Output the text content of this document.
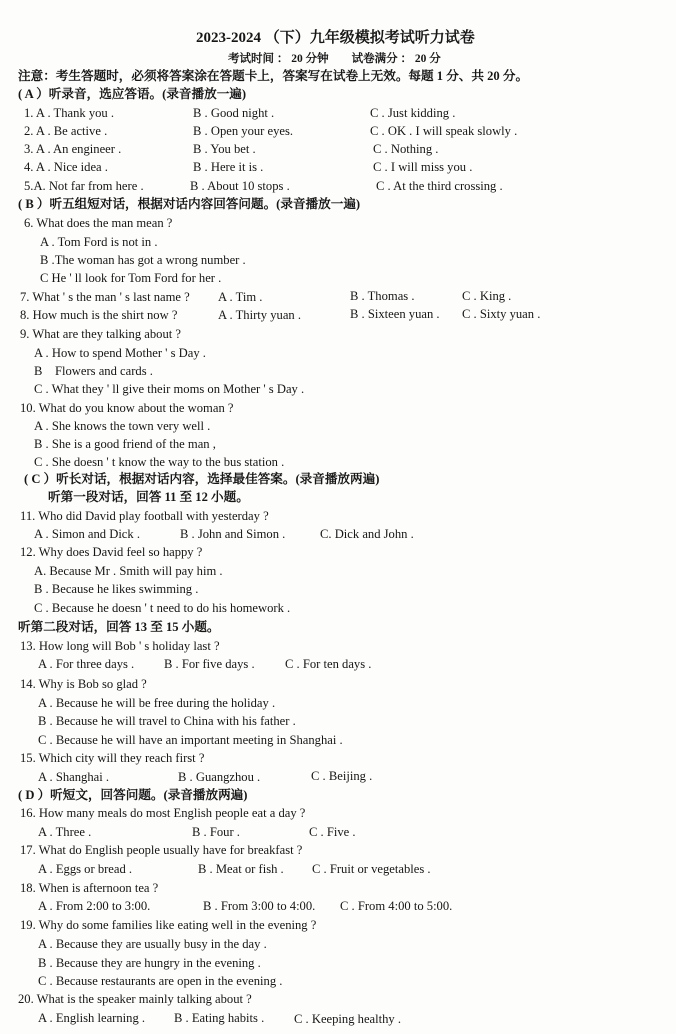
2023-2024 （下）九年级模拟考试听力试卷
考试时间 ： 20 分钟　　试卷满分 ： 20 分
注意：考生答题时，必须将答案涂在答题卡上，答案写在试卷上无效。每题 1 分、共 20 分。
( A ）听录音，选应答语。(录音播放一遍)
1. A . Thank you .	B . Good night .	C . Just kidding .
2. A . Be active .	B . Open your eyes.	C . OK . I will speak slowly .
3. A . An engineer .	B . You bet .	C . Nothing .
4. A . Nice idea .	B . Here it is .	C . I will miss you .
5.A. Not far from here .	B . About 10 stops .	C . At the third crossing .
( B ）听五组短对话，根据对话内容回答问题。(录音播放一遍)
6. What does the man mean ?
A . Tom Ford is not in .
B .The woman has got a wrong number .
C He ' ll look for Tom Ford for her .
7. What ' s the man ' s last name ? A . Tim .	B . Thomas .	C . King .
8. How much is the shirt now ?	A . Thirty yuan .	B . Sixteen yuan . C . Sixty yuan .
9. What are they talking about ?
A . How to spend Mother ' s Day .
B　Flowers and cards .
C . What they ' ll give their moms on Mother ' s Day .
10. What do you know about the woman ?
A . She knows the town very well .
B . She is a good friend of the man ,
C . She doesn ' t know the way to the bus station .
( C ）听长对话，根据对话内容，选择最佳答案。(录音播放两遍)
听第一段对话，回答 11 至 12 小题。
11. Who did David play football with yesterday ?
A . Simon and Dick .	B . John and Simon .	C. Dick and John .
12. Why does David feel so happy ?
A. Because Mr . Smith will pay him .
B . Because he likes swimming .
C . Because he doesn ' t need to do his homework .
听第二段对话，回答 13 至 15 小题。
13. How long will Bob ' s holiday last ?
A . For three days . B . For five days . C . For ten days .
14. Why is Bob so glad ?
A . Because he will be free during the holiday .
B . Because he will travel to China with his father .
C . Because he will have an important meeting in Shanghai .
15. Which city will they reach first ?
A . Shanghai .	B . Guangzhou .	C . Beijing .
( D ）听短文，回答问题。(录音播放两遍)
16. How many meals do most English people eat a day ?
A . Three .	B . Four .	C . Five .
17. What do English people usually have for breakfast ?
A . Eggs or bread .	B . Meat or fish . C . Fruit or vegetables .
18. When is afternoon tea ?
A . From 2:00 to 3:00.	B . From 3:00 to 4:00. C . From 4:00 to 5:00.
19. Why do some families like eating well in the evening ?
A . Because they are usually busy in the day .
B . Because they are hungry in the evening .
C . Because restaurants are open in the evening .
20. What is the speaker mainly talking about ?
A . English learning . B . Eating habits . C . Keeping healthy .
